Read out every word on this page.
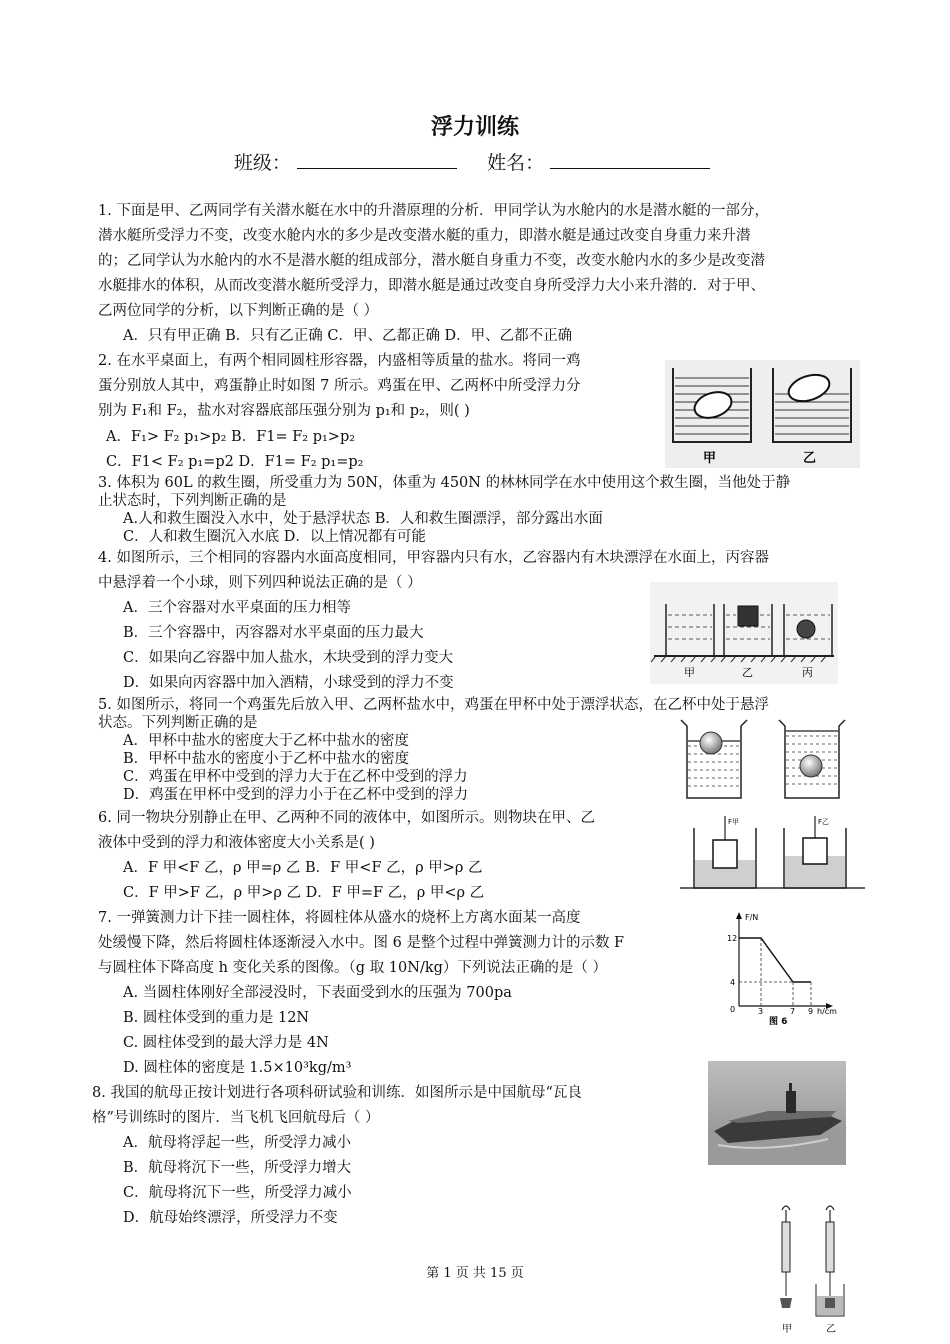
浮力训练
班级：	姓名：
1. 下面是甲、乙两同学有关潜水艇在水中的升潜原理的分析．甲同学认为水舱内的水是潜水艇的一部分，
潜水艇所受浮力不变，改变水舱内水的多少是改变潜水艇的重力，即潜水艇是通过改变自身重力来升潜
的；乙同学认为水舱内的水不是潜水艇的组成部分，潜水艇自身重力不变，改变水舱内水的多少是改变潜
水艇排水的体积，从而改变潜水艇所受浮力，即潜水艇是通过改变自身所受浮力大小来升潜的．对于甲、
乙两位同学的分析，以下判断正确的是（ ）
A．只有甲正确 B．只有乙正确 C．甲、乙都正确 D．甲、乙都不正确
2. 在水平桌面上，有两个相同圆柱形容器，内盛相等质量的盐水。将同一鸡
蛋分别放人其中，鸡蛋静止时如图 7 所示。鸡蛋在甲、乙两杯中所受浮力分
别为 F₁和 F₂，盐水对容器底部压强分别为 p₁和 p₂，则( )
A．F₁> F₂ p₁>p₂ B．F1= F₂ p₁>p₂
C．F1< F₂ p₁=p2 D．F1= F₂ p₁=p₂
3. 体积为 60L 的救生圈，所受重力为 50N，体重为 450N 的林林同学在水中使用这个救生圈，当他处于静
止状态时，下列判断正确的是
A.人和救生圈没入水中，处于悬浮状态 B．人和救生圈漂浮，部分露出水面
C．人和救生圈沉入水底 D．以上情况都有可能
4. 如图所示，三个相同的容器内水面高度相同，甲容器内只有水，乙容器内有木块漂浮在水面上，丙容器
中悬浮着一个小球，则下列四种说法正确的是（ ）
A．三个容器对水平桌面的压力相等
B．三个容器中，丙容器对水平桌面的压力最大
C．如果向乙容器中加人盐水，木块受到的浮力变大
D．如果向丙容器中加入酒精，小球受到的浮力不变
5. 如图所示，将同一个鸡蛋先后放入甲、乙两杯盐水中，鸡蛋在甲杯中处于漂浮状态，在乙杯中处于悬浮
状态。下列判断正确的是
A．甲杯中盐水的密度大于乙杯中盐水的密度
B．甲杯中盐水的密度小于乙杯中盐水的密度
C．鸡蛋在甲杯中受到的浮力大于在乙杯中受到的浮力
D．鸡蛋在甲杯中受到的浮力小于在乙杯中受到的浮力
6. 同一物块分别静止在甲、乙两种不同的液体中，如图所示。则物块在甲、乙
液体中受到的浮力和液体密度大小关系是( )
A．F 甲<F 乙，ρ 甲=ρ 乙 B．F 甲<F 乙，ρ 甲>ρ 乙
C．F 甲>F 乙，ρ 甲>ρ 乙 D．F 甲=F 乙，ρ 甲<ρ 乙
7. 一弹簧测力计下挂一圆柱体，将圆柱体从盛水的烧杯上方离水面某一高度
处缓慢下降，然后将圆柱体逐渐浸入水中。图 6 是整个过程中弹簧测力计的示数 F
与圆柱体下降高度 h 变化关系的图像。（g 取 10N/kg）下列说法正确的是（ ）
A. 当圆柱体刚好全部浸没时，下表面受到水的压强为 700pa
B. 圆柱体受到的重力是 12N
C. 圆柱体受到的最大浮力是 4N
D. 圆柱体的密度是 1.5×10³kg/m³
8. 我国的航母正按计划进行各项科研试验和训练．如图所示是中国航母“瓦良
格”号训练时的图片．当飞机飞回航母后（ ）
A．航母将浮起一些，所受浮力减小
B．航母将沉下一些，所受浮力增大
C．航母将沉下一些，所受浮力减小
D．航母始终漂浮，所受浮力不变
甲	乙
甲	乙	丙
F甲	F乙
F/N
12
4
0	3	7 9 h/cm
图 6
甲	乙
第 1 页 共 15 页
